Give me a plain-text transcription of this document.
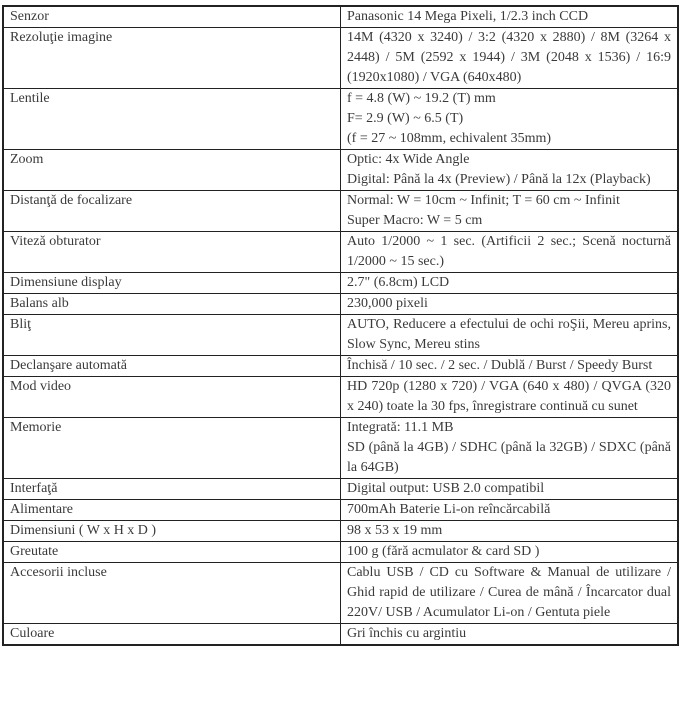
Senzor	Panasonic 14 Mega Pixeli, 1/2.3 inch CCD

Rezoluţie imagine	14M (4320 x 3240) / 3:2 (4320 x 2880) / 8M (3264 x 2448) / 5M (2592 x 1944) / 3M (2048 x 1536) / 16:9 (1920x1080) / VGA (640x480)

Lentile	f = 4.8 (W) ~ 19.2 (T) mm

F= 2.9 (W) ~ 6.5 (T)

(f = 27 ~ 108mm, echivalent 35mm)

Zoom	Optic: 4x Wide Angle

Digital: Până la 4x (Preview) / Până la 12x (Playback)

Distanţă de focalizare	Normal: W = 10cm ~ Infinit; T = 60 cm ~ Infinit

Super Macro: W = 5 cm

Viteză obturator	Auto 1/2000 ~ 1 sec. (Artificii 2 sec.; Scenă nocturnă 1/2000 ~ 15 sec.)

Dimensiune display	2.7" (6.8cm) LCD

Balans alb	230,000 pixeli

Bliţ	AUTO, Reducere a efectului de ochi roŞii, Mereu aprins, Slow Sync, Mereu stins

Declanşare automată	Închisă / 10 sec. / 2 sec. / Dublă / Burst / Speedy Burst

Mod video	HD 720p (1280 x 720) / VGA (640 x 480) / QVGA (320 x 240) toate la 30 fps, înregistrare continuă cu sunet

Memorie	Integrată: 11.1 MB

SD (până la 4GB) / SDHC (până la 32GB) / SDXC (până la 64GB)

Interfaţă	Digital output: USB 2.0 compatibil

Alimentare	700mAh Baterie Li-on reîncărcabilă

Dimensiuni ( W x H x D )	98 x 53 x 19 mm

Greutate	100 g (fără acmulator & card SD )

Accesorii incluse	Cablu USB / CD cu Software & Manual de utilizare / Ghid rapid de utilizare / Curea de mână / Încarcator dual 220V/ USB / Acumulator Li-on / Gentuta piele

Culoare	Gri închis cu argintiu
